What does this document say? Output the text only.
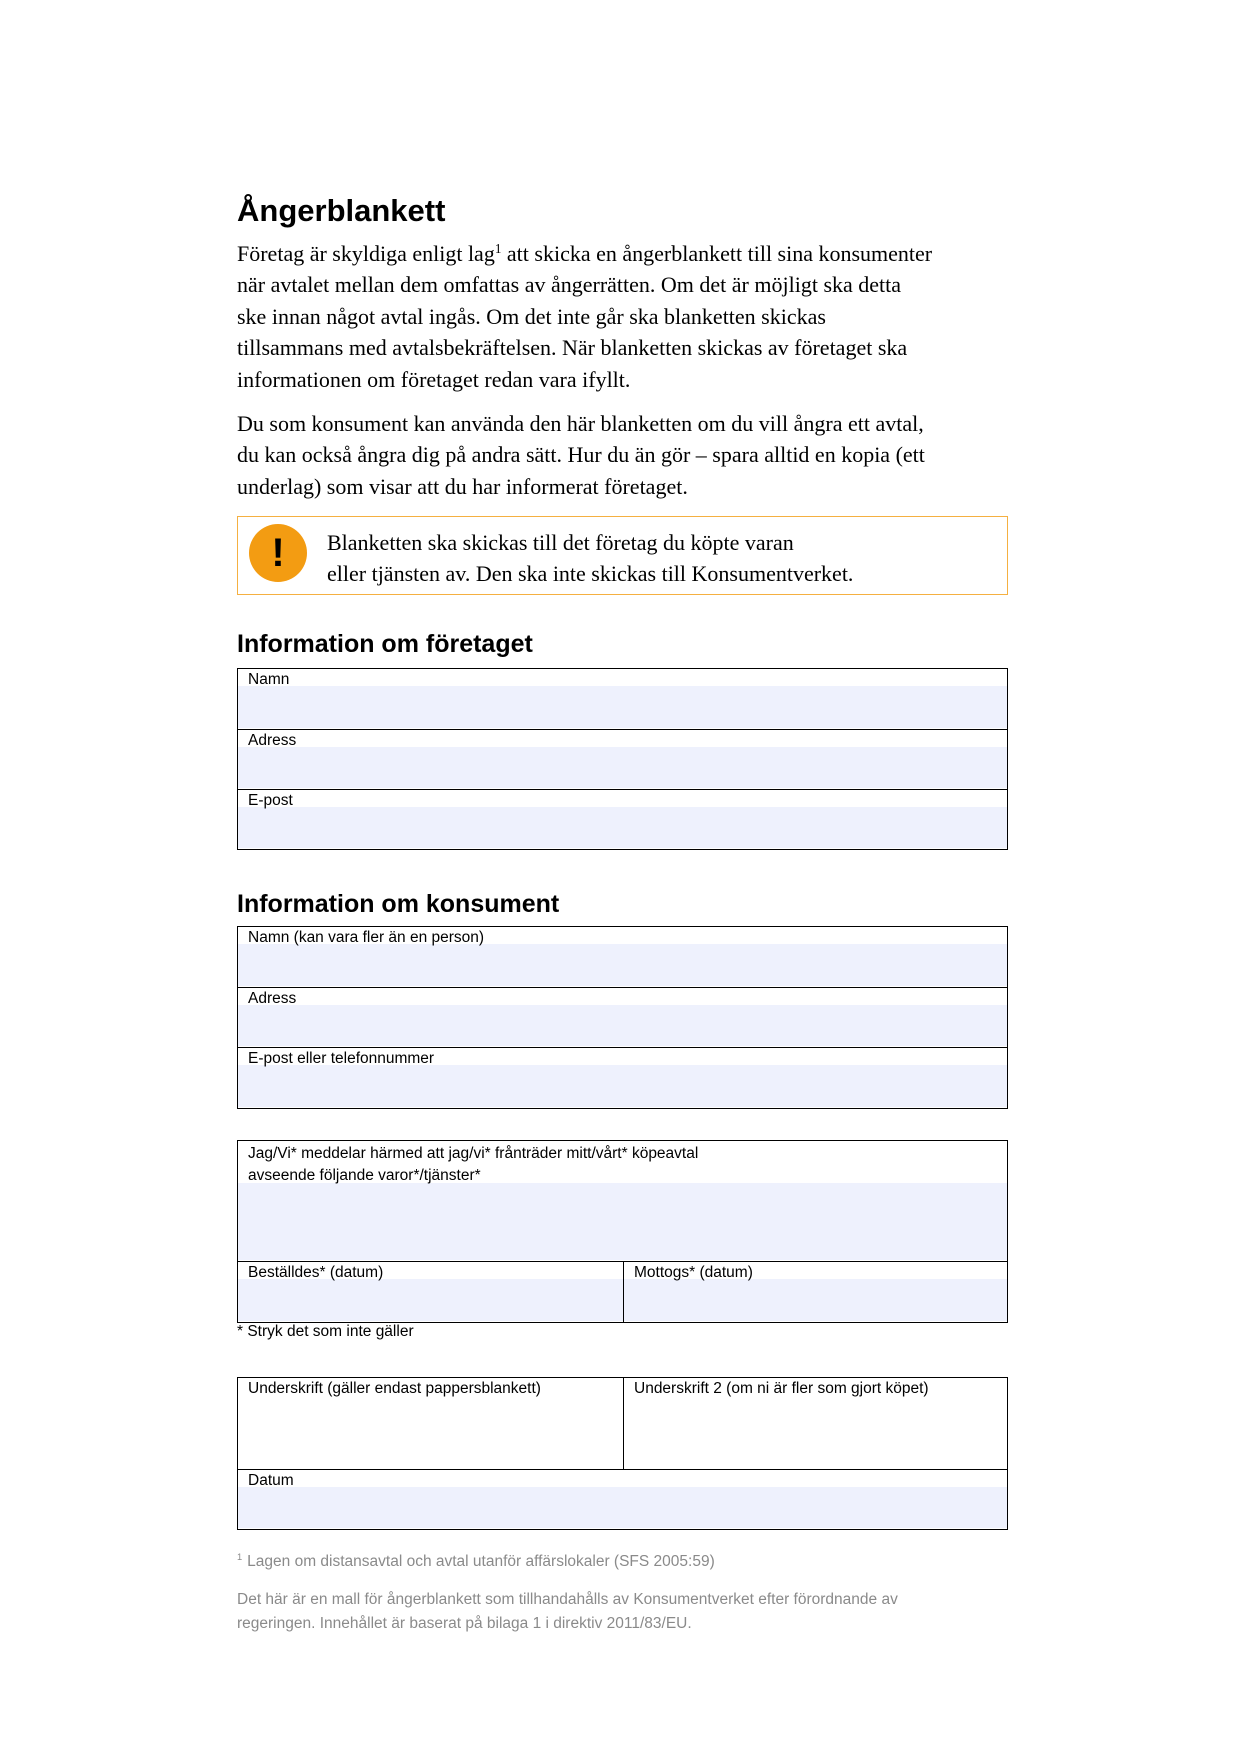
Ångerblankett
Företag är skyldiga enligt lag$^1$ att skicka en ångerblankett till sina konsumenter
när avtalet mellan dem omfattas av ångerrätten. Om det är möjligt ska detta
ske innan något avtal ingås. Om det inte går ska blanketten skickas
tillsammans med avtalsbekräftelsen. När blanketten skickas av företaget ska
informationen om företaget redan vara ifyllt.
Du som konsument kan använda den här blanketten om du vill ångra ett avtal,
du kan också ångra dig på andra sätt. Hur du än gör – spara alltid en kopia (ett
underlag) som visar att du har informerat företaget.
!	Blanketten ska skickas till det företag du köpte varan
eller tjänsten av. Den ska inte skickas till Konsumentverket.
Information om företaget
Namn
Adress
E-post
Information om konsument
Namn (kan vara fler än en person)
Adress
E-post eller telefonnummer
Jag/Vi* meddelar härmed att jag/vi* frånträder mitt/vårt* köpeavtal
avseende följande varor*/tjänster*
Beställdes* (datum)	Mottogs* (datum)
* Stryk det som inte gäller
Underskrift (gäller endast pappersblankett)	Underskrift 2 (om ni är fler som gjort köpet)
Datum
$^1$ Lagen om distansavtal och avtal utanför affärslokaler (SFS 2005:59)
Det här är en mall för ångerblankett som tillhandahålls av Konsumentverket efter förordnande av
regeringen. Innehållet är baserat på bilaga 1 i direktiv 2011/83/EU.
